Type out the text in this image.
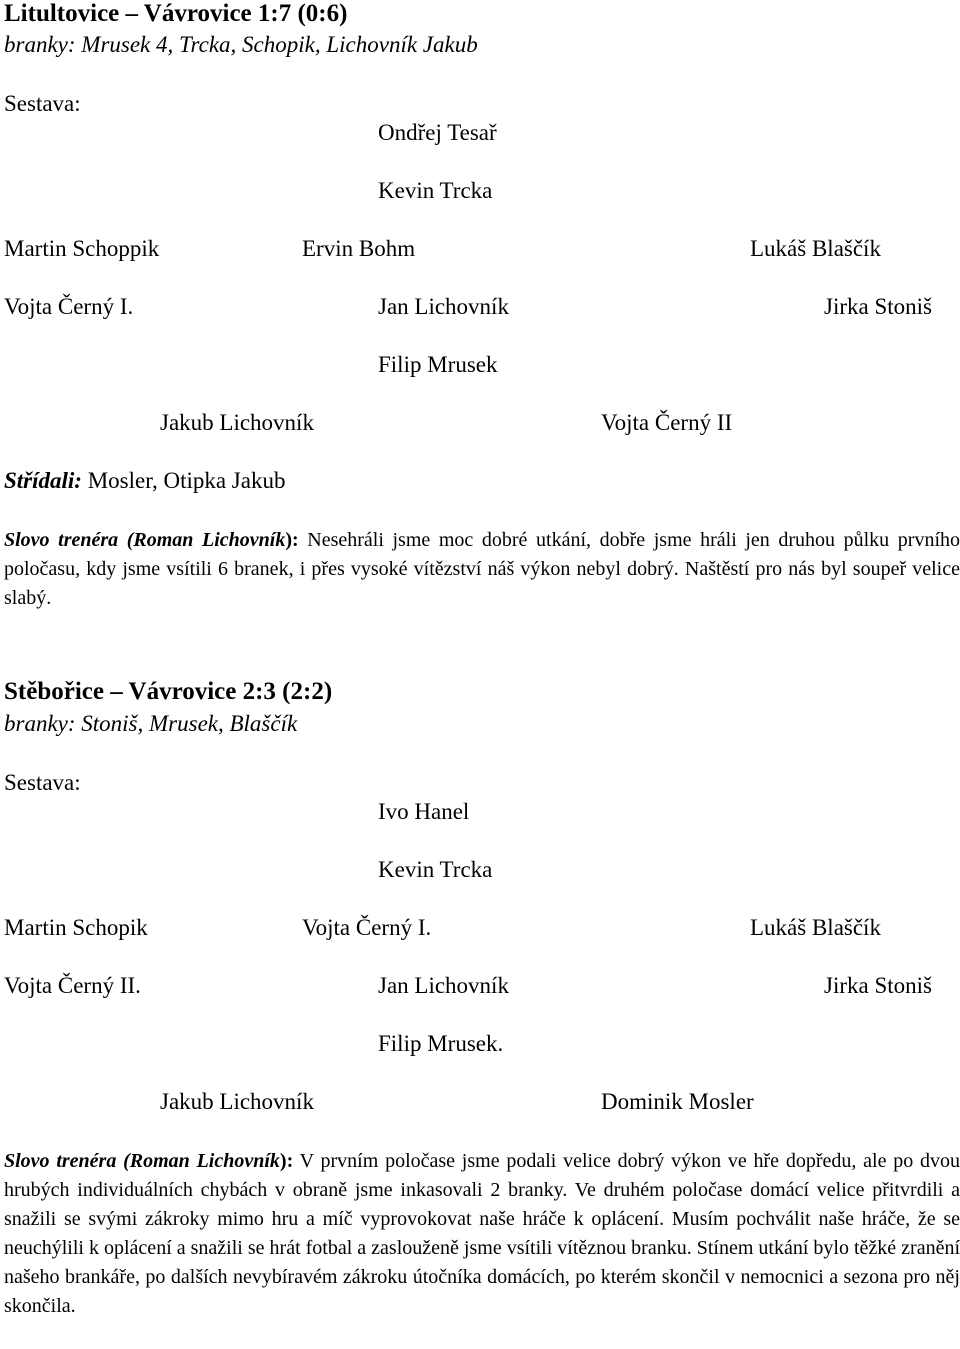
Litultovice – Vávrovice 1:7 (0:6)
branky: Mrusek 4, Trcka, Schopik, Lichovník Jakub
Sestava:
Ondřej Tesař
Kevin Trcka
Martin Schoppik	Ervin Bohm	Lukáš Blaščík
Vojta Černý I.	Jan Lichovník	Jirka Stoniš
Filip Mrusek
Jakub Lichovník	Vojta Černý II
Střídali: Mosler, Otipka Jakub

Slovo trenéra (Roman Lichovník): Nesehráli jsme moc dobré utkání, dobře jsme hráli jen druhou půlku prvního poločasu, kdy jsme vsítili 6 branek, i přes vysoké vítězství náš výkon nebyl dobrý. Naštěstí pro nás byl soupeř velice slabý.

Stěbořice – Vávrovice 2:3 (2:2)
branky: Stoniš, Mrusek, Blaščík
Sestava:
Ivo Hanel
Kevin Trcka
Martin Schopik	Vojta Černý I.	Lukáš Blaščík
Vojta Černý II.	Jan Lichovník	Jirka Stoniš
Filip Mrusek.
Jakub Lichovník	Dominik Mosler

Slovo trenéra (Roman Lichovník): V prvním poločase jsme podali velice dobrý výkon ve hře dopředu, ale po dvou hrubých individuálních chybách v obraně jsme inkasovali 2 branky. Ve druhém poločase domácí velice přitvrdili a snažili se svými zákroky mimo hru a míč vyprovokovat naše hráče k oplácení. Musím pochválit naše hráče, že se neuchýlili k oplácení a snažili se hrát fotbal a zaslouženě jsme vsítili vítěznou branku. Stínem utkání bylo těžké zranění našeho brankáře, po dalších nevybíravém zákroku útočníka domácích, po kterém skončil v nemocnici a sezona pro něj skončila.
